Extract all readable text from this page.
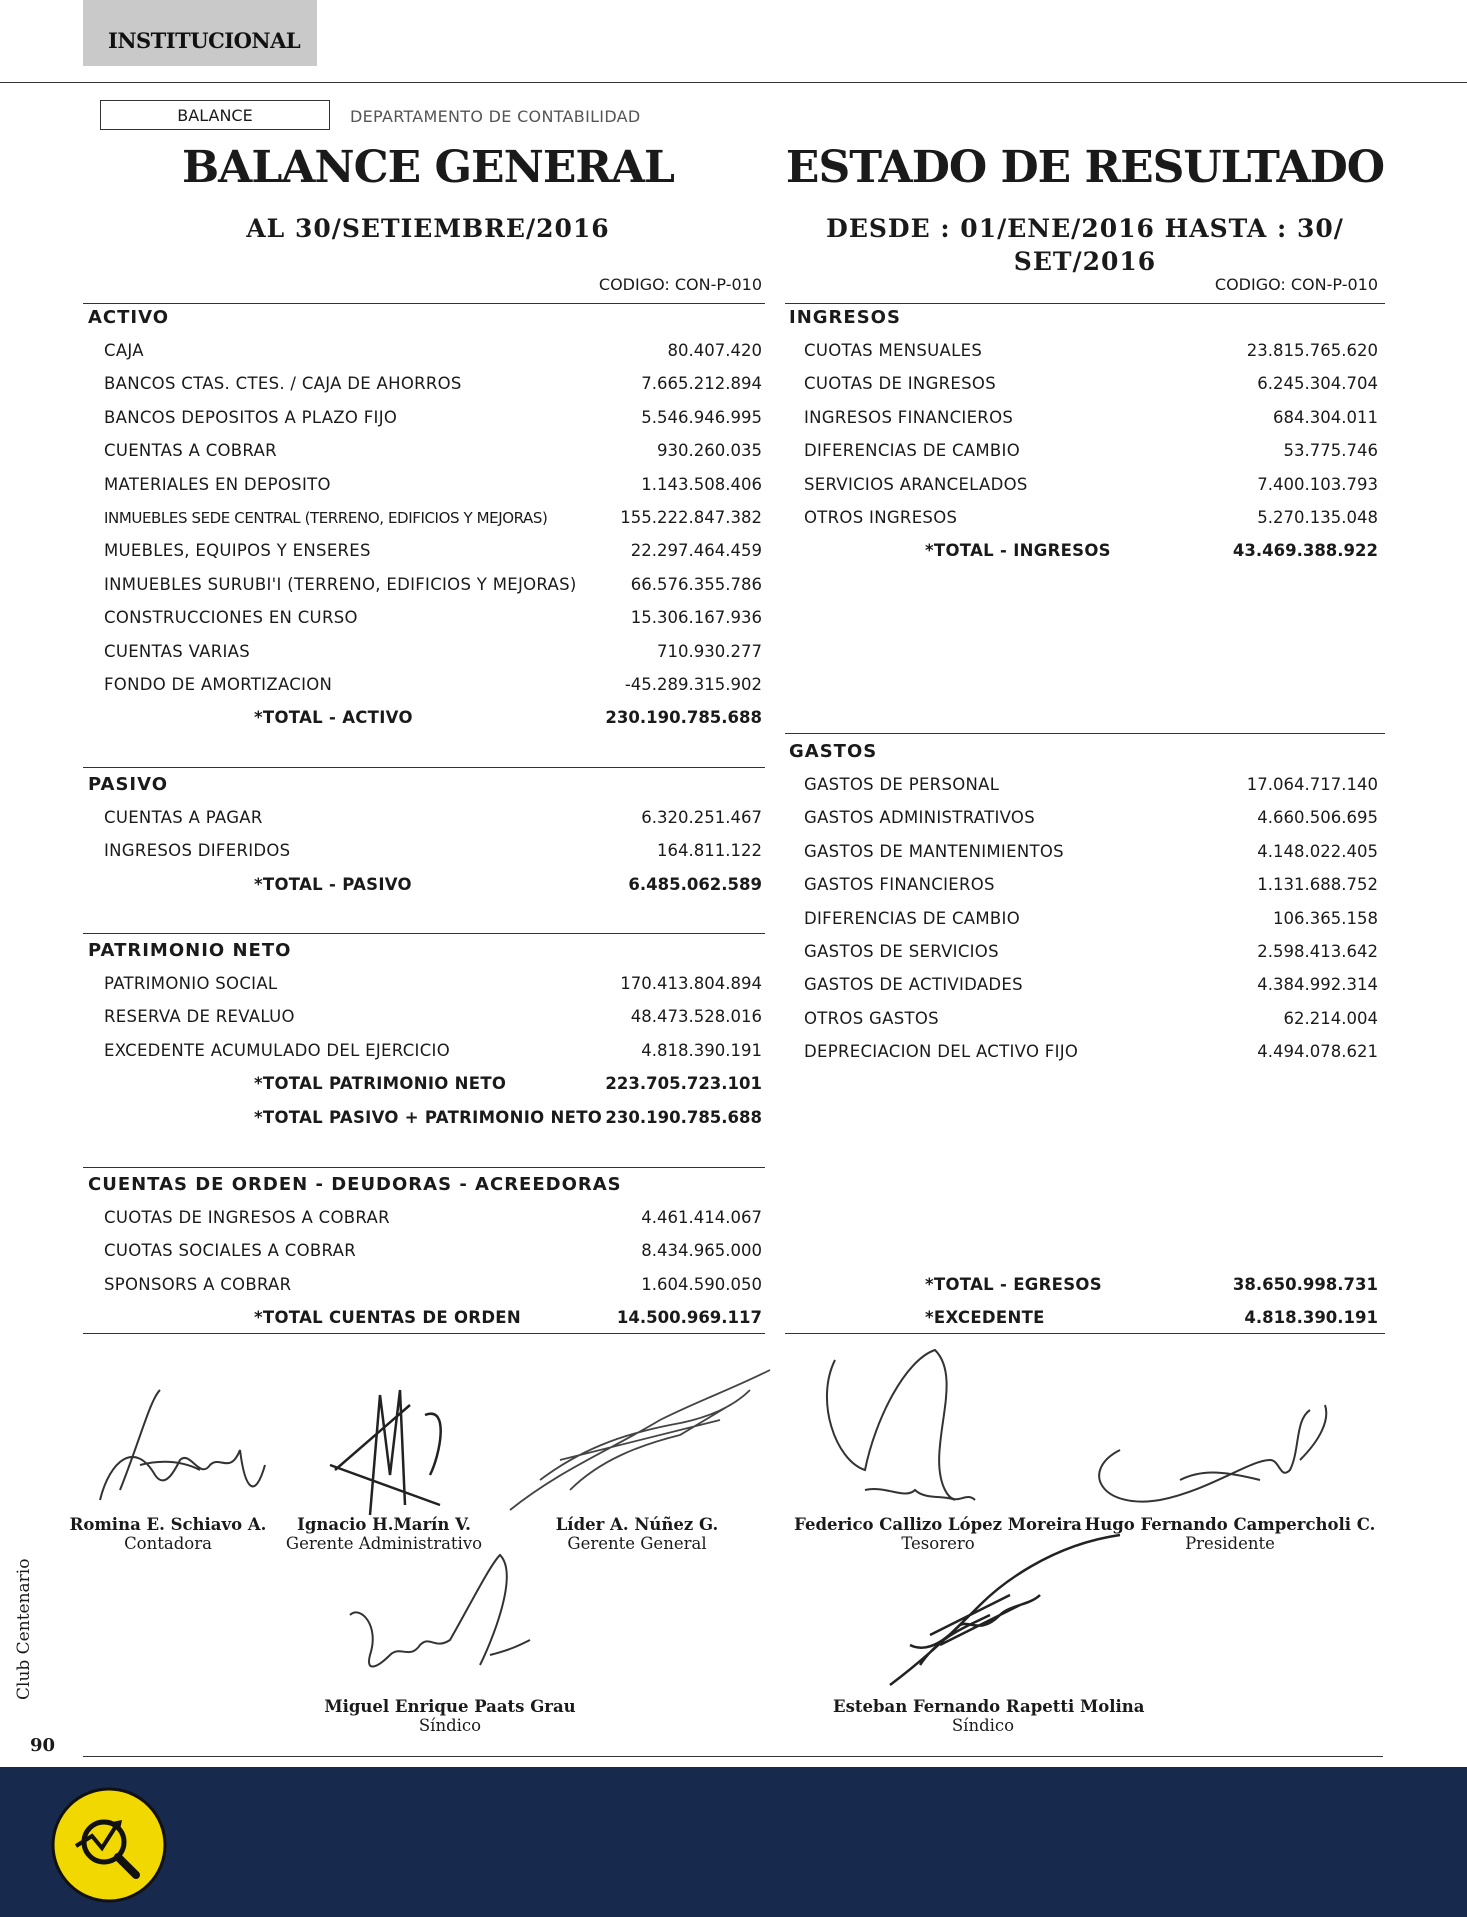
INSTITUCIONAL
BALANCE	DEPARTAMENTO DE CONTABILIDAD
BALANCE GENERAL
AL 30/SETIEMBRE/2016
ESTADO DE RESULTADO
DESDE : 01/ENE/2016 HASTA : 30/
SET/2016
CODIGO: CON-P-010	CODIGO: CON-P-010
ACTIVO
CAJA	80.407.420
BANCOS CTAS. CTES. / CAJA DE AHORROS	7.665.212.894
BANCOS DEPOSITOS A PLAZO FIJO	5.546.946.995
CUENTAS A COBRAR	930.260.035
MATERIALES EN DEPOSITO	1.143.508.406
INMUEBLES SEDE CENTRAL (TERRENO, EDIFICIOS Y MEJORAS)	155.222.847.382
MUEBLES, EQUIPOS Y ENSERES	22.297.464.459
INMUEBLES SURUBI'I (TERRENO, EDIFICIOS Y MEJORAS)	66.576.355.786
CONSTRUCCIONES EN CURSO	15.306.167.936
CUENTAS VARIAS	710.930.277
FONDO DE AMORTIZACION	-45.289.315.902
*TOTAL - ACTIVO	230.190.785.688
PASIVO
CUENTAS A PAGAR	6.320.251.467
INGRESOS DIFERIDOS	164.811.122
*TOTAL - PASIVO	6.485.062.589
PATRIMONIO NETO
PATRIMONIO SOCIAL	170.413.804.894
RESERVA DE REVALUO	48.473.528.016
EXCEDENTE ACUMULADO DEL EJERCICIO	4.818.390.191
*TOTAL PATRIMONIO NETO	223.705.723.101
*TOTAL PASIVO + PATRIMONIO NETO 230.190.785.688
CUENTAS DE ORDEN - DEUDORAS - ACREEDORAS
CUOTAS DE INGRESOS A COBRAR	4.461.414.067
CUOTAS SOCIALES A COBRAR	8.434.965.000
SPONSORS A COBRAR	1.604.590.050
*TOTAL CUENTAS DE ORDEN	14.500.969.117
INGRESOS
CUOTAS MENSUALES	23.815.765.620
CUOTAS DE INGRESOS	6.245.304.704
INGRESOS FINANCIEROS	684.304.011
DIFERENCIAS DE CAMBIO	53.775.746
SERVICIOS ARANCELADOS	7.400.103.793
OTROS INGRESOS	5.270.135.048
*TOTAL - INGRESOS	43.469.388.922
GASTOS
GASTOS DE PERSONAL	17.064.717.140
GASTOS ADMINISTRATIVOS	4.660.506.695
GASTOS DE MANTENIMIENTOS	4.148.022.405
GASTOS FINANCIEROS	1.131.688.752
DIFERENCIAS DE CAMBIO	106.365.158
GASTOS DE SERVICIOS	2.598.413.642
GASTOS DE ACTIVIDADES	4.384.992.314
OTROS GASTOS	62.214.004
DEPRECIACION DEL ACTIVO FIJO	4.494.078.621
*TOTAL - EGRESOS	38.650.998.731
*EXCEDENTE	4.818.390.191
Romina E. Schiavo A.
Contadora
Ignacio H.Marín V.
Gerente Administrativo
Líder A. Núñez G.
Gerente General
Federico Callizo López Moreira
Tesorero
Hugo Fernando Campercholi C.
Presidente
Miguel Enrique Paats Grau
Síndico
Esteban Fernando Rapetti Molina
Síndico
Club Centenario
90
